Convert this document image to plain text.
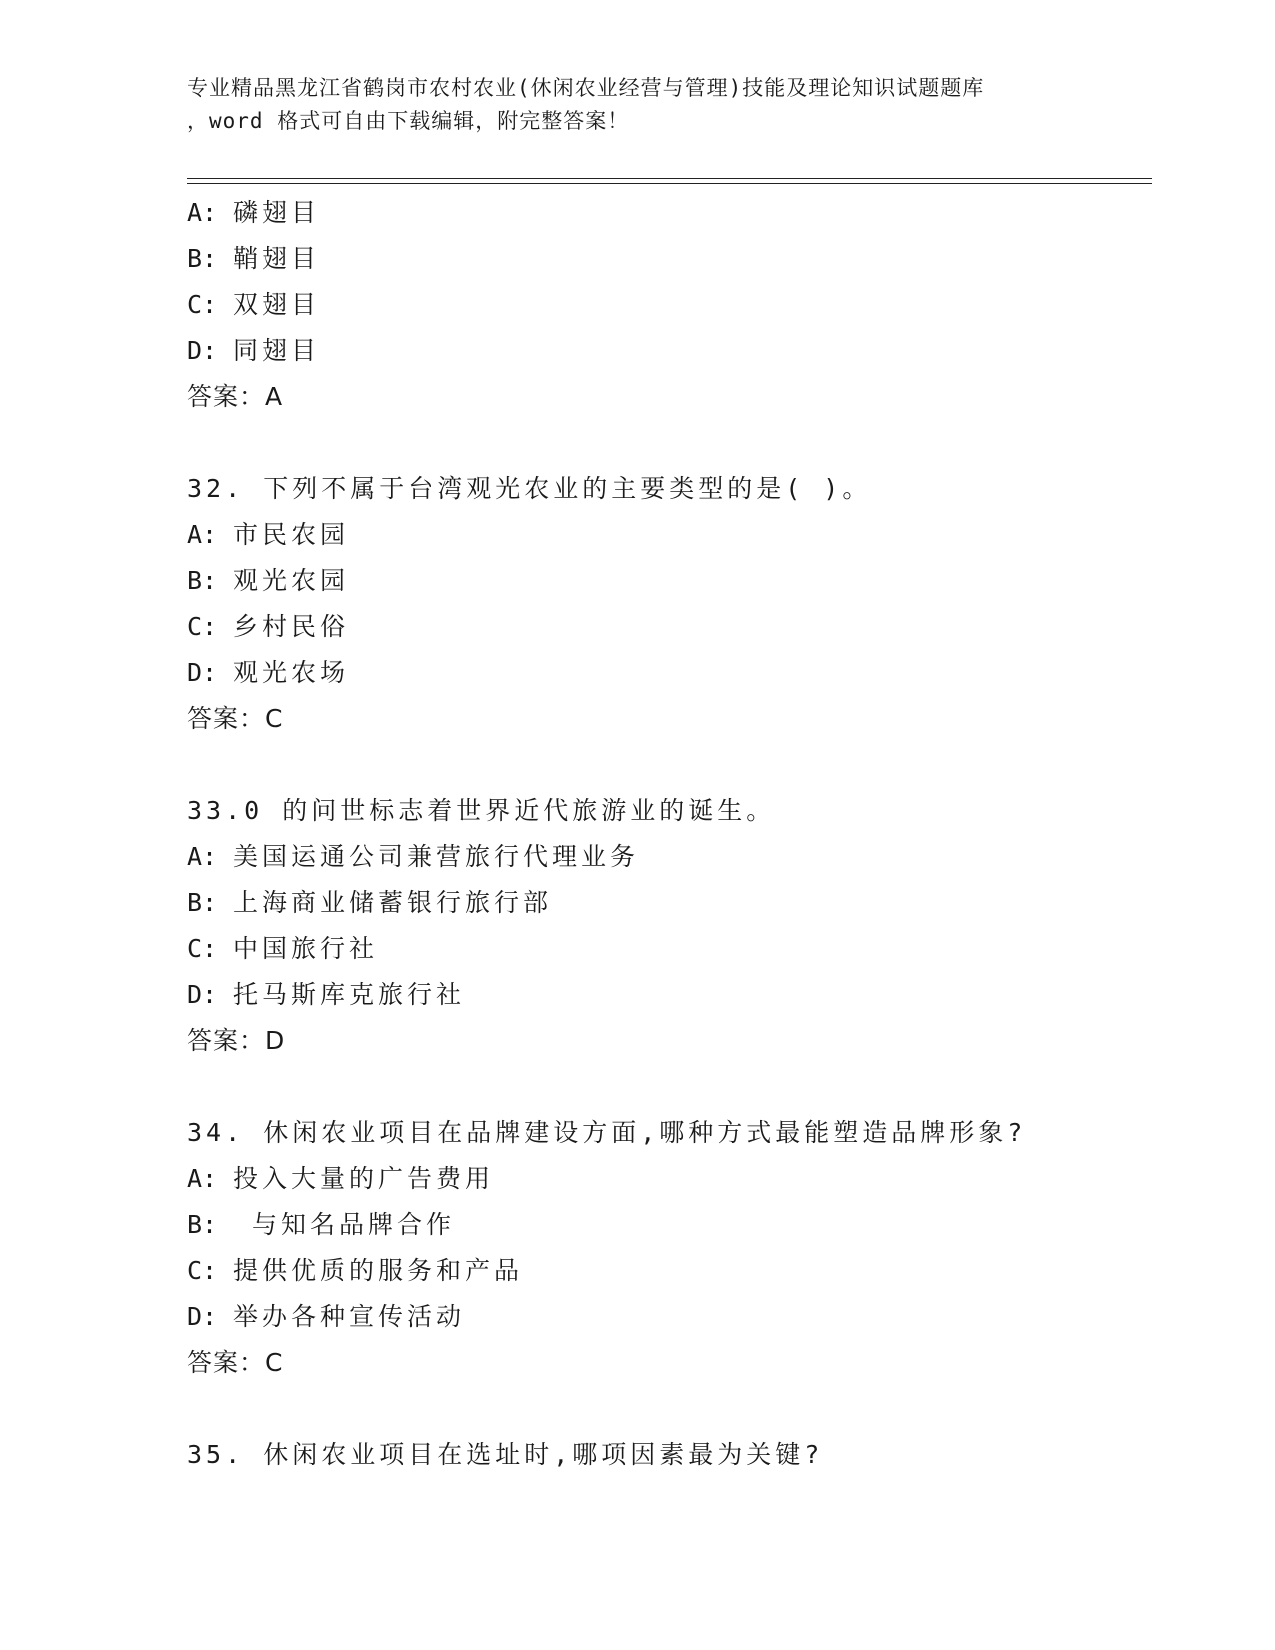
专业精品黑龙江省鹤岗市农村农业(休闲农业经营与管理)技能及理论知识试题题库
，word 格式可自由下载编辑，附完整答案！
A: 磷翅目
B: 鞘翅目
C: 双翅目
D: 同翅目
答案：A
32. 下列不属于台湾观光农业的主要类型的是( )。
A: 市民农园
B: 观光农园
C: 乡村民俗
D: 观光农场
答案：C
33.0 的问世标志着世界近代旅游业的诞生。
A: 美国运通公司兼营旅行代理业务
B: 上海商业储蓄银行旅行部
C: 中国旅行社
D: 托马斯库克旅行社
答案：D
34. 休闲农业项目在品牌建设方面,哪种方式最能塑造品牌形象?
A: 投入大量的广告费用
B: 与知名品牌合作
C: 提供优质的服务和产品
D: 举办各种宣传活动
答案：C
35. 休闲农业项目在选址时,哪项因素最为关键?
